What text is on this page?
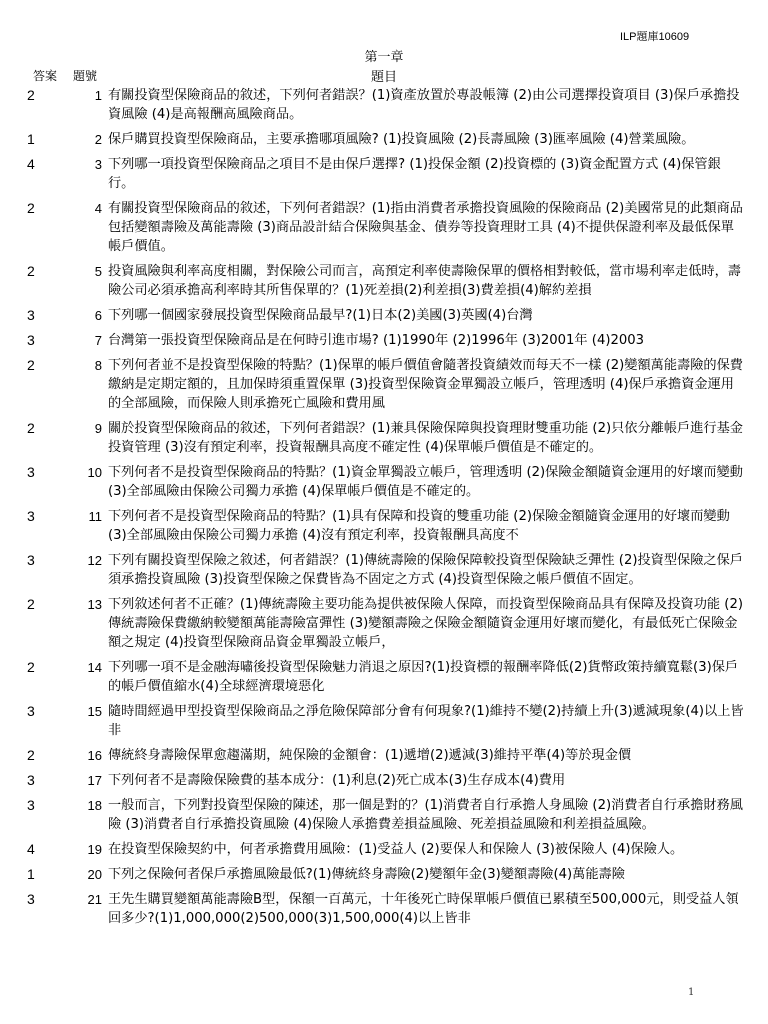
ILP題庫10609
第一章
答案 題號	題目
2	1 有關投資型保險商品的敘述，下列何者錯誤？(1)資產放置於專設帳簿 (2)由公司選擇投資項目 (3)保戶承擔投資風險 (4)是高報酬高風險商品。
1	2 保戶購買投資型保險商品，主要承擔哪項風險? (1)投資風險 (2)長壽風險 (3)匯率風險 (4)營業風險。
4	3 下列哪一項投資型保險商品之項目不是由保戶選擇? (1)投保金額 (2)投資標的 (3)資金配置方式 (4)保管銀行。
2	4 有關投資型保險商品的敘述，下列何者錯誤？(1)指由消費者承擔投資風險的保險商品 (2)美國常見的此類商品包括變額壽險及萬能壽險 (3)商品設計結合保險與基金、債券等投資理財工具 (4)不提供保證利率及最低保單帳戶價值。
2	5 投資風險與利率高度相關，對保險公司而言，高預定利率使壽險保單的價格相對較低，當市場利率走低時，壽險公司必須承擔高利率時其所售保單的？(1)死差損(2)利差損(3)費差損(4)解約差損
3	6 下列哪一個國家發展投資型保險商品最早?(1)日本(2)美國(3)英國(4)台灣
3	7 台灣第一張投資型保險商品是在何時引進市場? (1)1990年 (2)1996年 (3)2001年 (4)2003
2	8 下列何者並不是投資型保險的特點？(1)保單的帳戶價值會隨著投資績效而每天不一樣 (2)變額萬能壽險的保費繳納是定期定額的，且加保時須重置保單 (3)投資型保險資金單獨設立帳戶，管理透明 (4)保戶承擔資金運用的全部風險，而保險人則承擔死亡風險和費用風
2	9 關於投資型保險商品的敘述，下列何者錯誤？(1)兼具保險保障與投資理財雙重功能 (2)只依分離帳戶進行基金投資管理 (3)沒有預定利率，投資報酬具高度不確定性 (4)保單帳戶價值是不確定的。
3	10 下列何者不是投資型保險商品的特點？(1)資金單獨設立帳戶，管理透明 (2)保險金額隨資金運用的好壞而變動 (3)全部風險由保險公司獨力承擔 (4)保單帳戶價值是不確定的。
3	11 下列何者不是投資型保險商品的特點？(1)具有保障和投資的雙重功能 (2)保險金額隨資金運用的好壞而變動 (3)全部風險由保險公司獨力承擔 (4)沒有預定利率，投資報酬具高度不
3	12 下列有關投資型保險之敘述，何者錯誤？(1)傳統壽險的保險保障較投資型保險缺乏彈性 (2)投資型保險之保戶須承擔投資風險 (3)投資型保險之保費皆為不固定之方式 (4)投資型保險之帳戶價值不固定。
2	13 下列敘述何者不正確？(1)傳統壽險主要功能為提供被保險人保障，而投資型保險商品具有保障及投資功能 (2)傳統壽險保費繳納較變額萬能壽險富彈性 (3)變額壽險之保險金額隨資金運用好壞而變化，有最低死亡保險金額之規定 (4)投資型保險商品資金單獨設立帳戶，
2	14 下列哪一項不是金融海嘯後投資型保險魅力消退之原因?(1)投資標的報酬率降低(2)貨幣政策持續寬鬆(3)保戶的帳戶價值縮水(4)全球經濟環境惡化
3	15 隨時間經過甲型投資型保險商品之淨危險保障部分會有何現象?(1)維持不變(2)持續上升(3)遞減現象(4)以上皆非
2	16 傳統終身壽險保單愈趨滿期，純保險的金額會：(1)遞增(2)遞減(3)維持平準(4)等於現金價
3	17 下列何者不是壽險保險費的基本成分：(1)利息(2)死亡成本(3)生存成本(4)費用
3	18 一般而言，下列對投資型保險的陳述，那一個是對的？(1)消費者自行承擔人身風險 (2)消費者自行承擔財務風險 (3)消費者自行承擔投資風險 (4)保險人承擔費差損益風險、死差損益風險和利差損益風險。
4	19 在投資型保險契約中，何者承擔費用風險：(1)受益人 (2)要保人和保險人 (3)被保險人 (4)保險人。
1	20 下列之保險何者保戶承擔風險最低?(1)傳統終身壽險(2)變額年金(3)變額壽險(4)萬能壽險
3	21 王先生購買變額萬能壽險B型，保額一百萬元，十年後死亡時保單帳戶價值已累積至500,000元，則受益人領回多少?(1)1,000,000(2)500,000(3)1,500,000(4)以上皆非
1
